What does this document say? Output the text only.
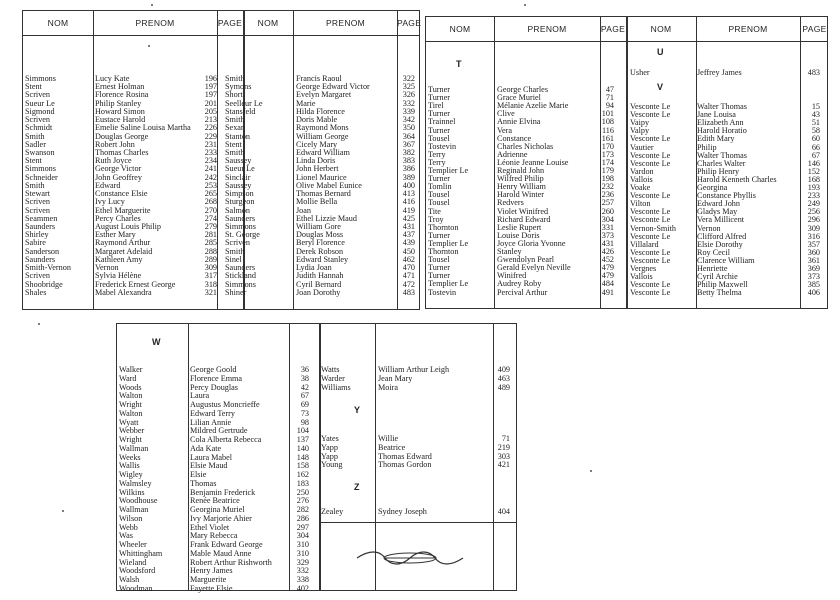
NOM	PRENOM	PAGE	NOM	PRENOM	PAGE
NOM	PRENOM	PAGE	NOM	PRENOM	PAGE
T
U
V
W
Y
Z
Simmons	Lucy Kate	196
Stent	Ernest Holman	197
Scriven	Florence Rosina	197
Sueur Le	Philip Stanley	201
Sigmond	Howard Simon	205
Scriven	Eustace Harold	213
Schmidt	Emelie Saline Louisa Martha	226
Smith	Douglas George	229
Sadler	Robert John	231
Swanson	Thomas Charles	233
Stent	Ruth Joyce	234
Simmons	George Victor	241
Schneider	John Geoffrey	242
Smith	Edward	253
Stewart	Constance Elsie	265
Scriven	Ivy Lucy	268
Scriven	Ethel Marguerite	270
Seammen	Percy Charles	274
Saunders	August Louis Philip	279
Shirley	Esther Mary	281
Sabire	Raymond Arthur	285
Sanderson	Margaret Adelaid	288
Saunders	Kathleen Amy	289
Smith-Vernon	Vernon	309
Scriven	Sylvia Hélène	317
Shoobridge	Frederick Ernest George	318
Shales	Mabel Alexandra	321
Smith	Francis Raoul	322
Symons	George Edward Victor	325
Short	Evelyn Margaret	326
Seelleur Le	Marie	332
Stansfeld	Hilda Florence	339
Smith	Doris Mable	342
Sexar	Raymond Mons	350
Stanton	William George	364
Stent	Cicely Mary	367
Smith	Edward William	382
Saussey	Linda Doris	383
Sueur Le	John Herbert	386
Sinclair	Lionel Maurice	389
Saussey	Olive Mabel Eunice	400
Simpson	Thomas Bernard	413
Sturgeon	Mollie Bella	416
Salmon	Joan	419
Saunders	Ethel Lizzie Maud	425
Simmons	William Gore	431
St. George	Douglas Moss	437
Scriven	Beryl Florence	439
Smith	Derek Robson	450
Sinel	Edward Stanley	462
Saunders	Lydia Joan	470
Stickland	Judith Hannah	471
Simmons	Cyril Bernard	472
Shiner	Joan Dorothy	483
Turner	George Charles	47
Turner	Grace Muriel	71
Tirel	Mélanie Azelie Marie	94
Turner	Clive	101
Trainnel	Annie Elvina	108
Turner	Vera	116
Tousel	Constance	161
Tostevin	Charles Nicholas	170
Terry	Adrienne	173
Terry	Léonie Jeanne Louise	174
Templier Le	Reginald John	179
Turner	Wilfred Philip	198
Tomlin	Henry William	232
Tousel	Harold Winter	236
Tousel	Redvers	257
Tite	Violet Winifred	260
Troy	Richard Edward	304
Thornton	Leslie Rupert	331
Turner	Louise Doris	373
Templier Le	Joyce Gloria Yvonne	431
Thornton	Stanley	426
Tousel	Gwendolyn Pearl	452
Turner	Gerald Evelyn Neville	479
Turner	Winifred	479
Templier Le	Audrey Roby	484
Tostevin	Percival Arthur	491
Usher	Jeffrey James	483
Vesconte Le	Walter Thomas	15
Vesconte Le	Jane Louisa	43
Vaipy	Elizabeth Ann	51
Valpy	Harold Horatio	58
Vesconte Le	Edith Mary	60
Vautier	Philip	66
Vesconte Le	Walter Thomas	67
Vesconte Le	Charles Walter	146
Vardon	Philip Henry	152
Vallois	Harold Kenneth Charles	168
Voake	Georgina	193
Vesconte Le	Constance Phyllis	233
Vilton	Edward John	249
Vesconte Le	Gladys May	256
Vesconte Le	Vera Millicent	296
Vernon-Smith	Vernon	309
Vesconte Le	Clifford Alfred	316
Villalard	Elsie Dorothy	357
Vesconte Le	Roy Cecil	360
Vesconte Le	Clarence William	361
Vergnes	Henriette	369
Vallois	Cyril Archie	373
Vesconte Le	Philip Maxwell	385
Vesconte Le	Betty Thelma	406
Walker	George Goold	36
Ward	Florence Emma	38
Woods	Percy Douglas	42
Walton	Laura	67
Wright	Augustus Moncrieffe	69
Walton	Edward Terry	73
Wyatt	Lilian Annie	98
Webber	Mildred Gertrude	104
Wright	Cola Alberta Rebecca	137
Wallman	Ada Kate	140
Weeks	Laura Mabel	148
Wallis	Elsie Maud	158
Wigley	Elsie	162
Walmsley	Thomas	183
Wilkins	Benjamin Frederick	250
Woodhouse	Renée Beatrice	276
Wallman	Georgina Muriel	282
Wilson	Ivy Marjorie Ahier	286
Webb	Ethel Violet	297
Was	Mary Rebecca	304
Wheeler	Frank Edward George	310
Whittingham	Mable Maud Anne	310
Wieland	Robert Arthur Rishworth	329
Woodsford	Henry James	332
Walsh	Marguerite	338
Woodman	Fayette Elsie	402
Watts	William Arthur Leigh	409
Warder	Jean Mary	463
Williams	Moira	489
Yates	Willie	71
Yapp	Beatrice	219
Yapp	Thomas Edward	303
Young	Thomas Gordon	421
Zealey	Sydney Joseph	404
